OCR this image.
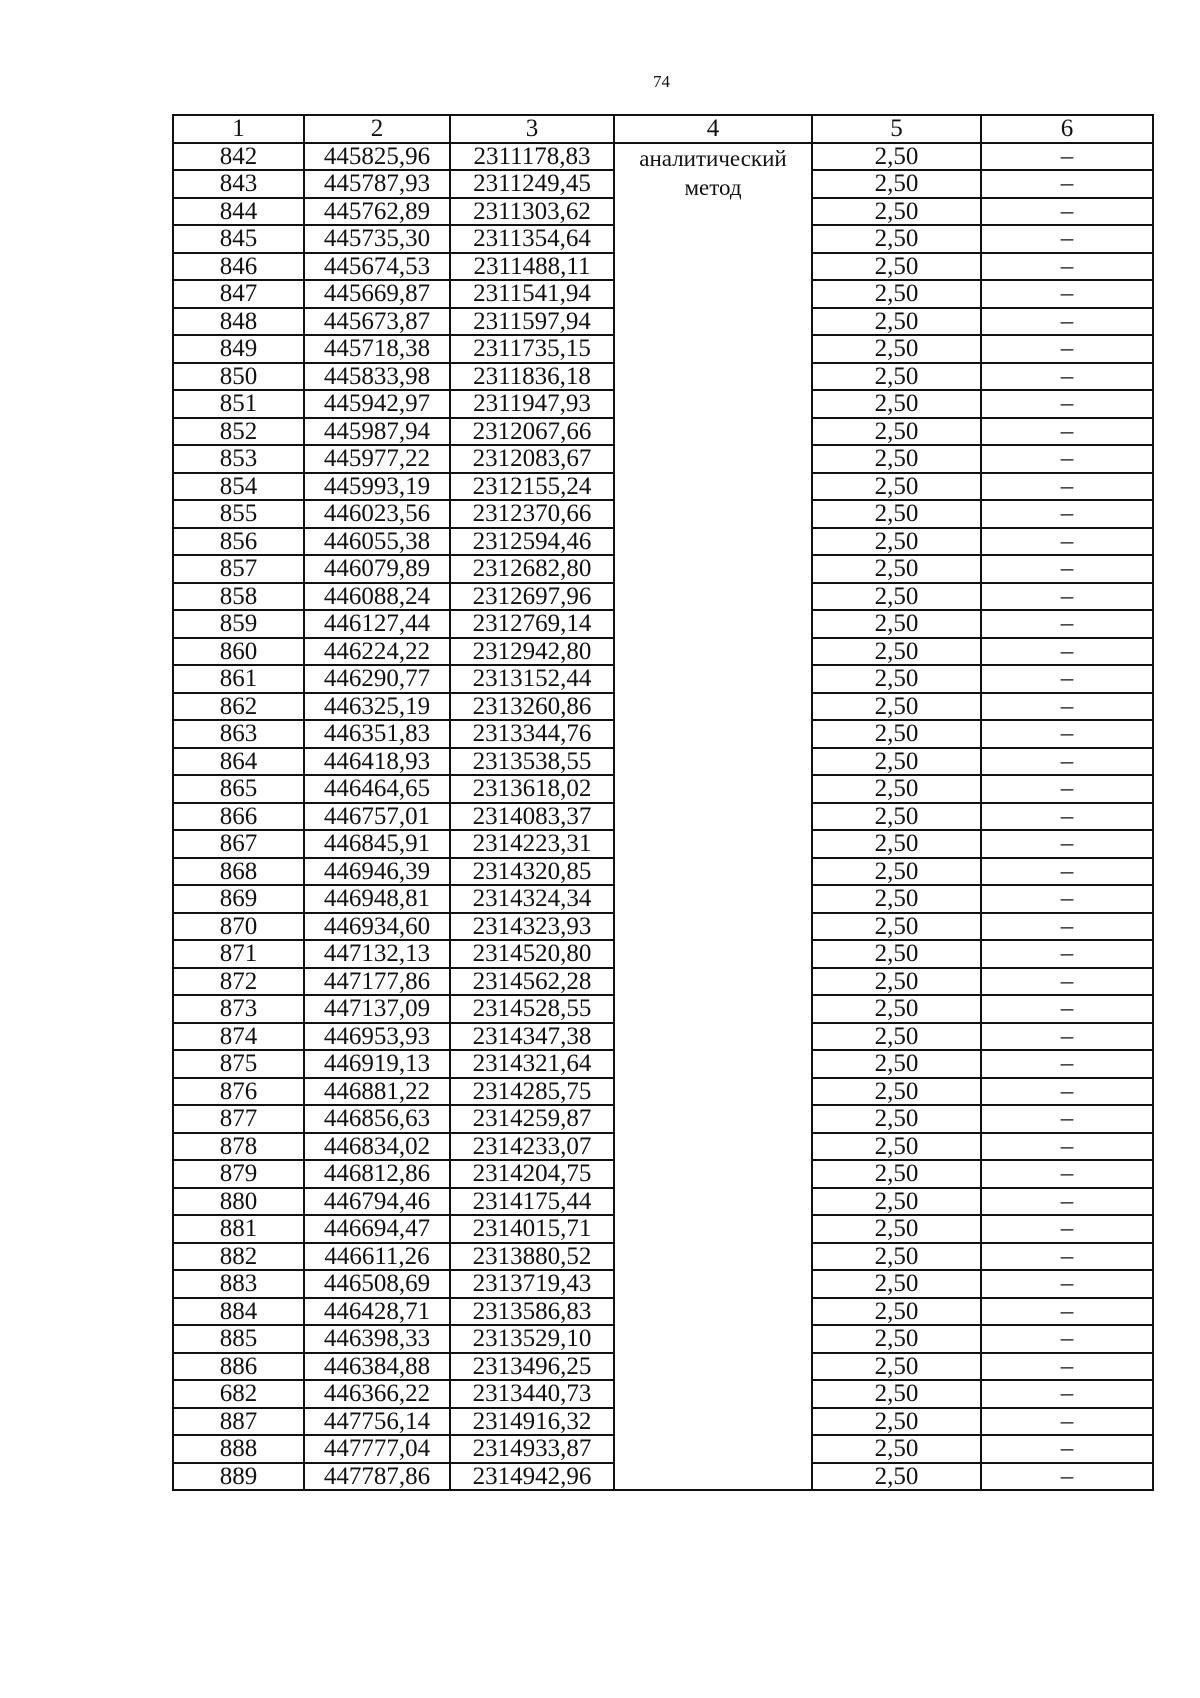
74
1	2	3	4	5	6
842	445825,96	2311178,83	аналитический метод	2,50	–
843	445787,93	2311249,45		2,50	–
844	445762,89	2311303,62		2,50	–
845	445735,30	2311354,64		2,50	–
846	445674,53	2311488,11		2,50	–
847	445669,87	2311541,94		2,50	–
848	445673,87	2311597,94		2,50	–
849	445718,38	2311735,15		2,50	–
850	445833,98	2311836,18		2,50	–
851	445942,97	2311947,93		2,50	–
852	445987,94	2312067,66		2,50	–
853	445977,22	2312083,67		2,50	–
854	445993,19	2312155,24		2,50	–
855	446023,56	2312370,66		2,50	–
856	446055,38	2312594,46		2,50	–
857	446079,89	2312682,80		2,50	–
858	446088,24	2312697,96		2,50	–
859	446127,44	2312769,14		2,50	–
860	446224,22	2312942,80		2,50	–
861	446290,77	2313152,44		2,50	–
862	446325,19	2313260,86		2,50	–
863	446351,83	2313344,76		2,50	–
864	446418,93	2313538,55		2,50	–
865	446464,65	2313618,02		2,50	–
866	446757,01	2314083,37		2,50	–
867	446845,91	2314223,31		2,50	–
868	446946,39	2314320,85		2,50	–
869	446948,81	2314324,34		2,50	–
870	446934,60	2314323,93		2,50	–
871	447132,13	2314520,80		2,50	–
872	447177,86	2314562,28		2,50	–
873	447137,09	2314528,55		2,50	–
874	446953,93	2314347,38		2,50	–
875	446919,13	2314321,64		2,50	–
876	446881,22	2314285,75		2,50	–
877	446856,63	2314259,87		2,50	–
878	446834,02	2314233,07		2,50	–
879	446812,86	2314204,75		2,50	–
880	446794,46	2314175,44		2,50	–
881	446694,47	2314015,71		2,50	–
882	446611,26	2313880,52		2,50	–
883	446508,69	2313719,43		2,50	–
884	446428,71	2313586,83		2,50	–
885	446398,33	2313529,10		2,50	–
886	446384,88	2313496,25		2,50	–
682	446366,22	2313440,73		2,50	–
887	447756,14	2314916,32		2,50	–
888	447777,04	2314933,87		2,50	–
889	447787,86	2314942,96		2,50	–
